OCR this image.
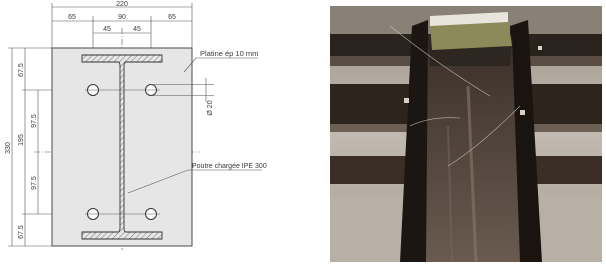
220
65	90	65
45	45
330
67.5
195
67.5
97.5
97.5
Ø 20
Platine ép 10 mm
Poutre chargée IPE 300
